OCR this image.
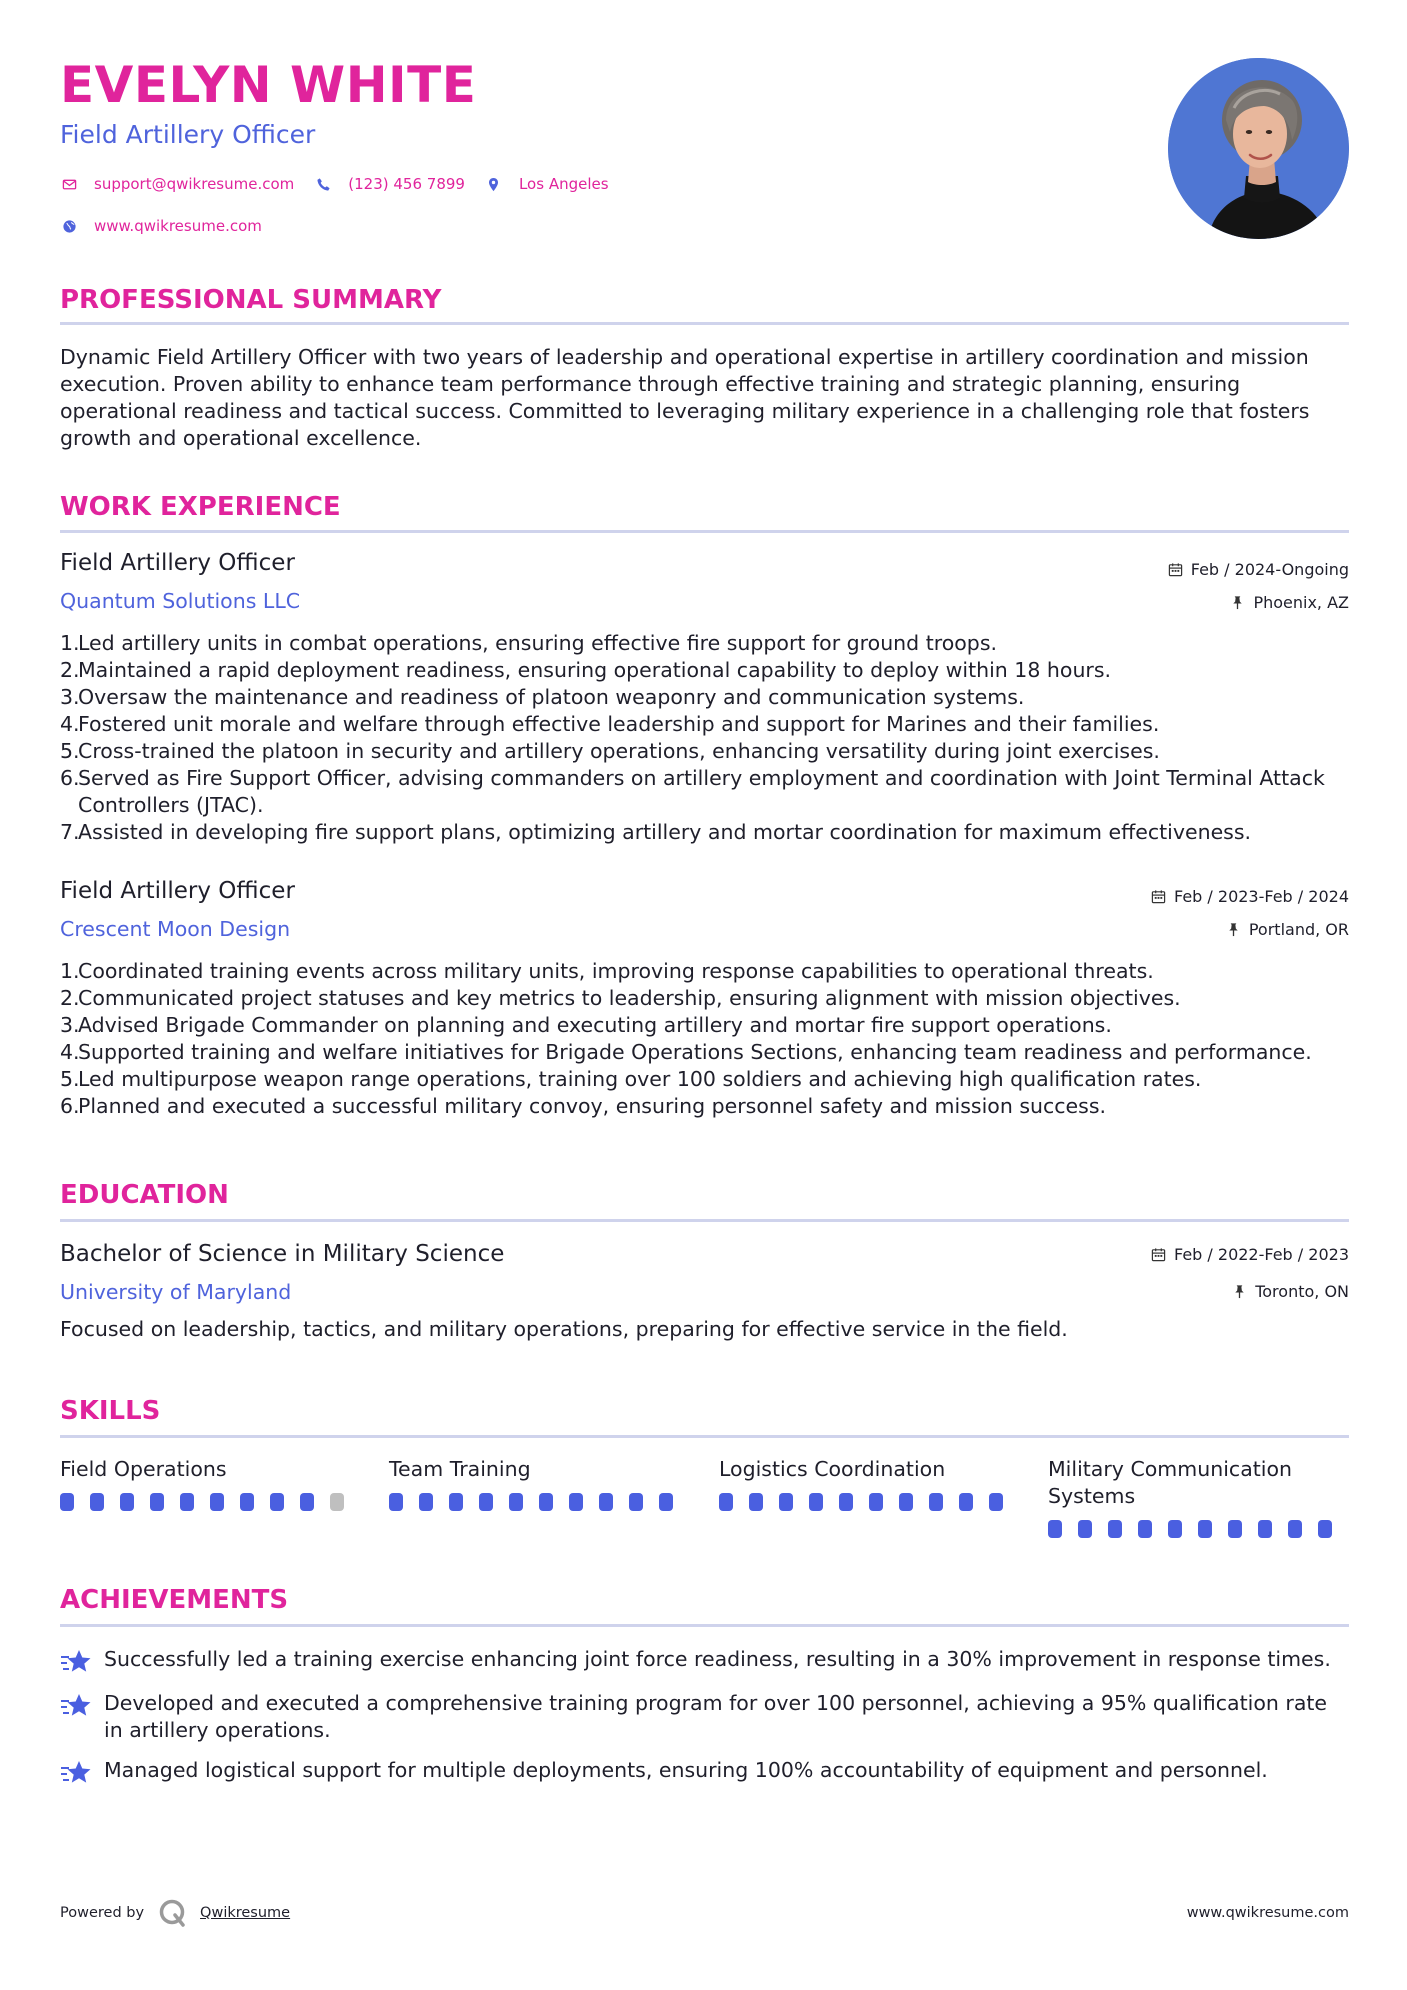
EVELYN WHITE
Field Artillery Officer
support@qwikresume.com	(123) 456 7899	Los Angeles
www.qwikresume.com
PROFESSIONAL SUMMARY
Dynamic Field Artillery Officer with two years of leadership and operational expertise in artillery coordination and mission execution. Proven ability to enhance team performance through effective training and strategic planning, ensuring operational readiness and tactical success. Committed to leveraging military experience in a challenging role that fosters growth and operational excellence.
WORK EXPERIENCE
Field Artillery Officer
Quantum Solutions LLC
Feb / 2024-Ongoing
Phoenix, AZ
1.
Led artillery units in combat operations, ensuring effective fire support for ground troops.
2.
Maintained a rapid deployment readiness, ensuring operational capability to deploy within 18 hours.
3.
Oversaw the maintenance and readiness of platoon weaponry and communication systems.
4.
Fostered unit morale and welfare through effective leadership and support for Marines and their families.
5.
Cross-trained the platoon in security and artillery operations, enhancing versatility during joint exercises.
6.
Served as Fire Support Officer, advising commanders on artillery employment and coordination with Joint Terminal Attack Controllers (JTAC).
7.
Assisted in developing fire support plans, optimizing artillery and mortar coordination for maximum effectiveness.
Field Artillery Officer
Crescent Moon Design
Feb / 2023-Feb / 2024
Portland, OR
1.
Coordinated training events across military units, improving response capabilities to operational threats.
2.
Communicated project statuses and key metrics to leadership, ensuring alignment with mission objectives.
3.
Advised Brigade Commander on planning and executing artillery and mortar fire support operations.
4.
Supported training and welfare initiatives for Brigade Operations Sections, enhancing team readiness and performance.
5.
Led multipurpose weapon range operations, training over 100 soldiers and achieving high qualification rates.
6.
Planned and executed a successful military convoy, ensuring personnel safety and mission success.
EDUCATION
Bachelor of Science in Military Science
University of Maryland
Feb / 2022-Feb / 2023
Toronto, ON
Focused on leadership, tactics, and military operations, preparing for effective service in the field.
SKILLS
Field Operations	Team Training	Logistics Coordination	Military Communication Systems
ACHIEVEMENTS
Successfully led a training exercise enhancing joint force readiness, resulting in a 30% improvement in response times.
Developed and executed a comprehensive training program for over 100 personnel, achieving a 95% qualification rate in artillery operations.
Managed logistical support for multiple deployments, ensuring 100% accountability of equipment and personnel.
Powered by	Qwikresume	www.qwikresume.com
